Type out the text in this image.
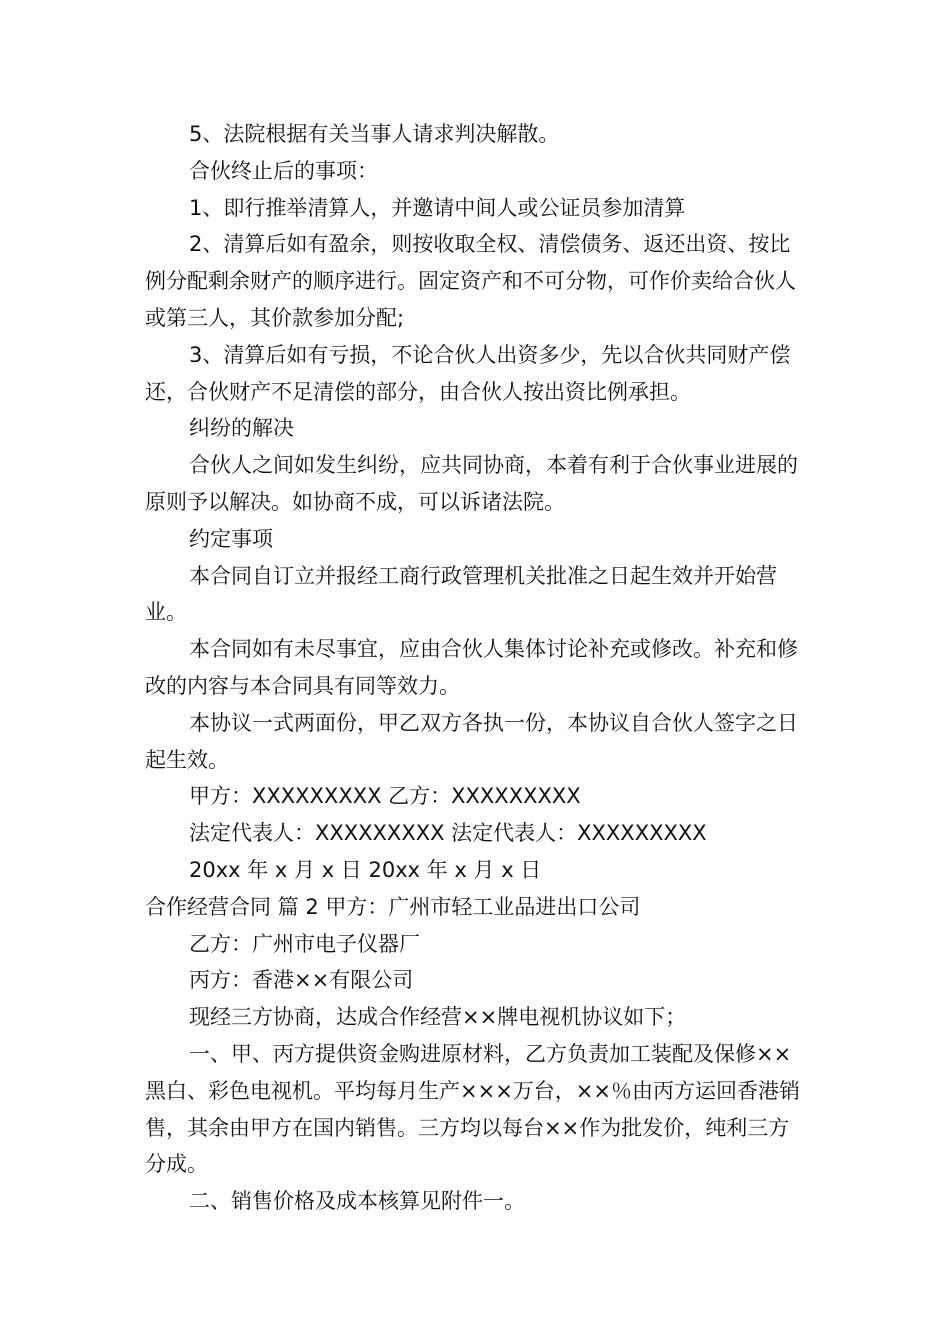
5、法院根据有关当事人请求判决解散。

合伙终止后的事项：

1、即行推举清算人，并邀请中间人或公证员参加清算

2、清算后如有盈余，则按收取全权、清偿债务、返还出资、按比例分配剩余财产的顺序进行。固定资产和不可分物，可作价卖给合伙人或第三人，其价款参加分配;

3、清算后如有亏损，不论合伙人出资多少，先以合伙共同财产偿还，合伙财产不足清偿的部分，由合伙人按出资比例承担。

纠纷的解决

合伙人之间如发生纠纷，应共同协商，本着有利于合伙事业进展的原则予以解决。如协商不成，可以诉诸法院。

约定事项

本合同自订立并报经工商行政管理机关批准之日起生效并开始营业。

本合同如有未尽事宜，应由合伙人集体讨论补充或修改。补充和修改的内容与本合同具有同等效力。

本协议一式两面份，甲乙双方各执一份，本协议自合伙人签字之日起生效。

甲方：XXXXXXXXX 乙方：XXXXXXXXX

法定代表人：XXXXXXXXX 法定代表人：XXXXXXXXX

20xx 年 x 月 x 日 20xx 年 x 月 x 日

合作经营合同 篇 2 甲方：广州市轻工业品进出口公司

乙方：广州市电子仪器厂

丙方：香港××有限公司

现经三方协商，达成合作经营××牌电视机协议如下；

一、甲、丙方提供资金购进原材料，乙方负责加工装配及保修××黑白、彩色电视机。平均每月生产×××万台，××％由丙方运回香港销售，其余由甲方在国内销售。三方均以每台××作为批发价，纯利三方分成。

二、销售价格及成本核算见附件一。
